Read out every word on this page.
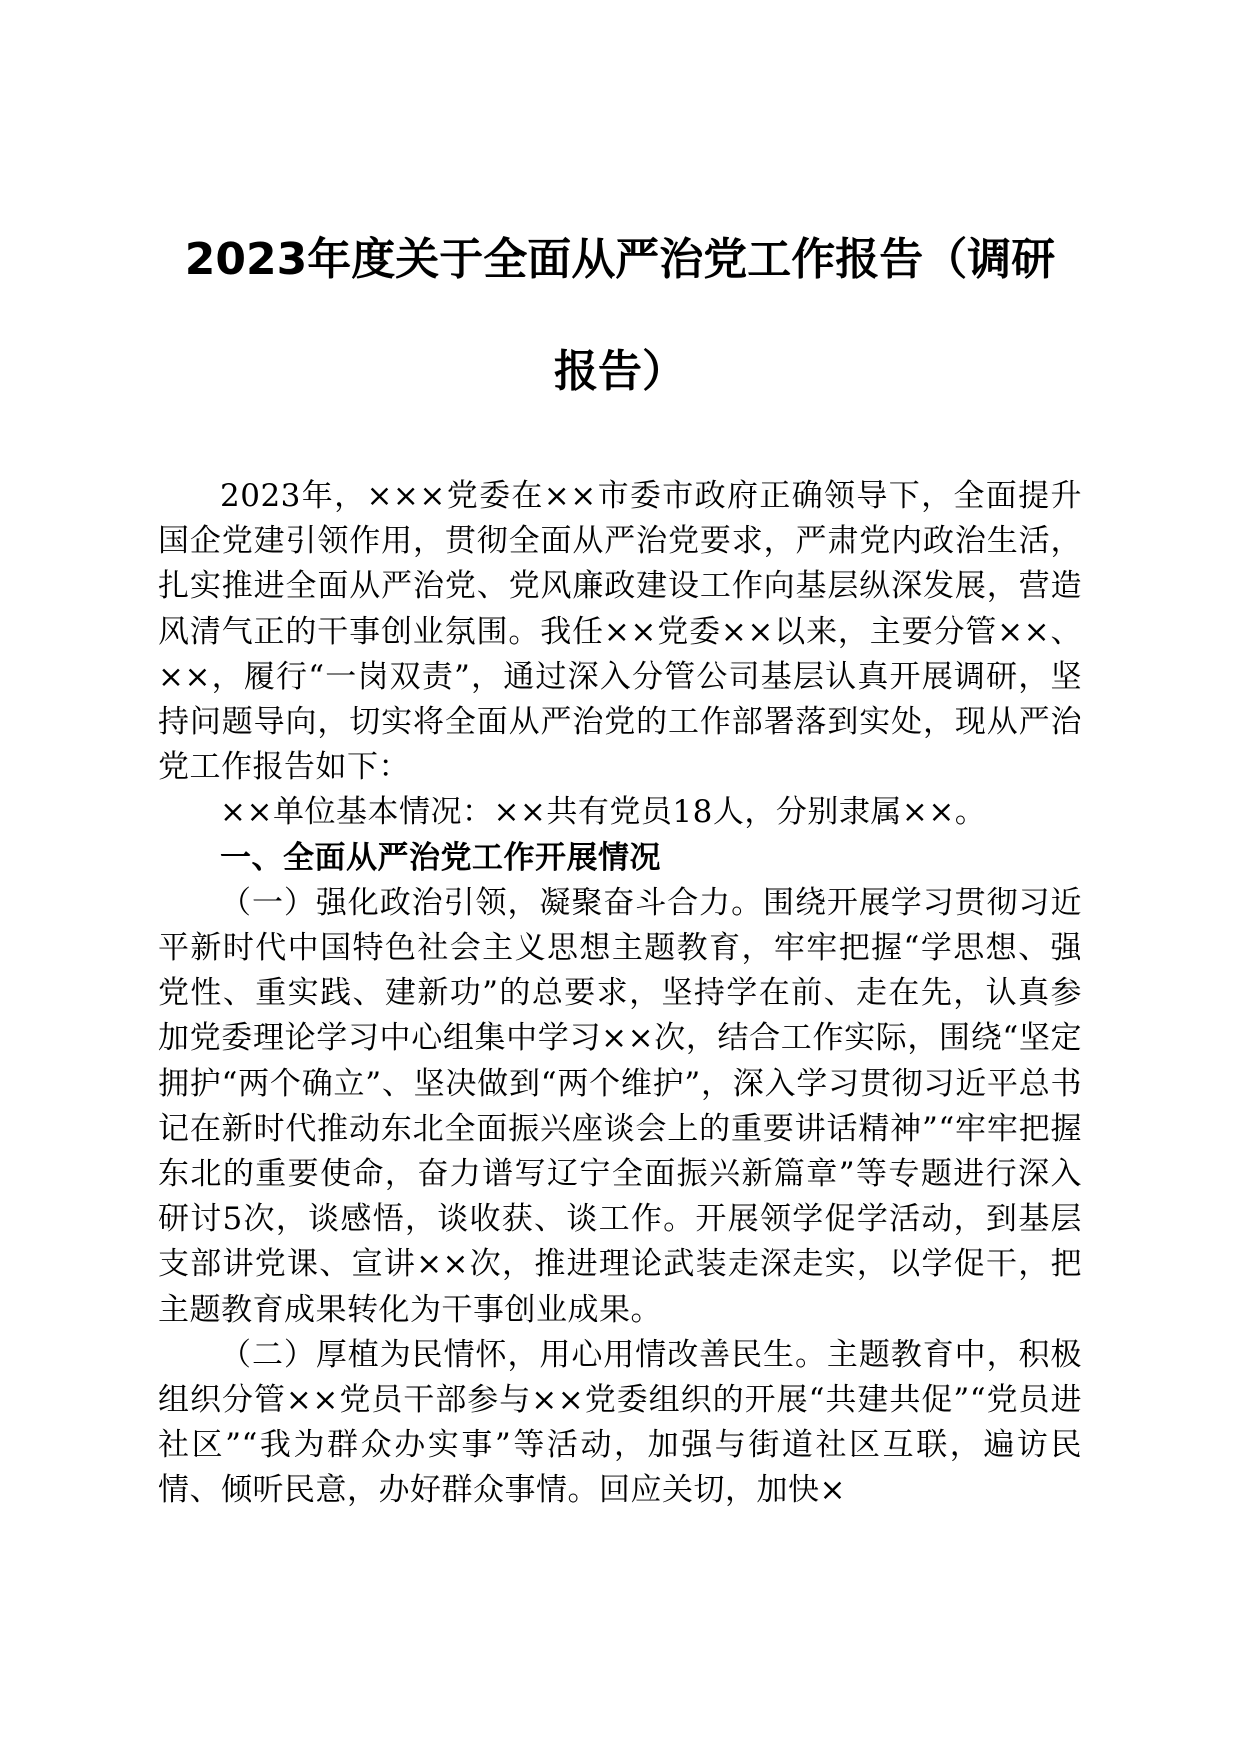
2023年度关于全面从严治党工作报告（调研
报告）

2023年，×××党委在××市委市政府正确领导下，全面提升国企党建引领作用，贯彻全面从严治党要求，严肃党内政治生活，扎实推进全面从严治党、党风廉政建设工作向基层纵深发展，营造风清气正的干事创业氛围。我任××党委××以来，主要分管××、××，履行“一岗双责”，通过深入分管公司基层认真开展调研，坚持问题导向，切实将全面从严治党的工作部署落到实处，现从严治党工作报告如下：

××单位基本情况：××共有党员18人，分别隶属××。

一、全面从严治党工作开展情况

（一）强化政治引领，凝聚奋斗合力。围绕开展学习贯彻习近平新时代中国特色社会主义思想主题教育，牢牢把握“学思想、强党性、重实践、建新功”的总要求，坚持学在前、走在先，认真参加党委理论学习中心组集中学习××次，结合工作实际，围绕“坚定拥护“两个确立”、坚决做到“两个维护”，深入学习贯彻习近平总书记在新时代推动东北全面振兴座谈会上的重要讲话精神”“牢牢把握东北的重要使命，奋力谱写辽宁全面振兴新篇章”等专题进行深入研讨5次，谈感悟，谈收获、谈工作。开展领学促学活动，到基层支部讲党课、宣讲××次，推进理论武装走深走实，以学促干，把主题教育成果转化为干事创业成果。

（二）厚植为民情怀，用心用情改善民生。主题教育中，积极组织分管××党员干部参与××党委组织的开展“共建共促”“党员进社区”“我为群众办实事”等活动，加强与街道社区互联，遍访民情、倾听民意，办好群众事情。回应关切，加快×
